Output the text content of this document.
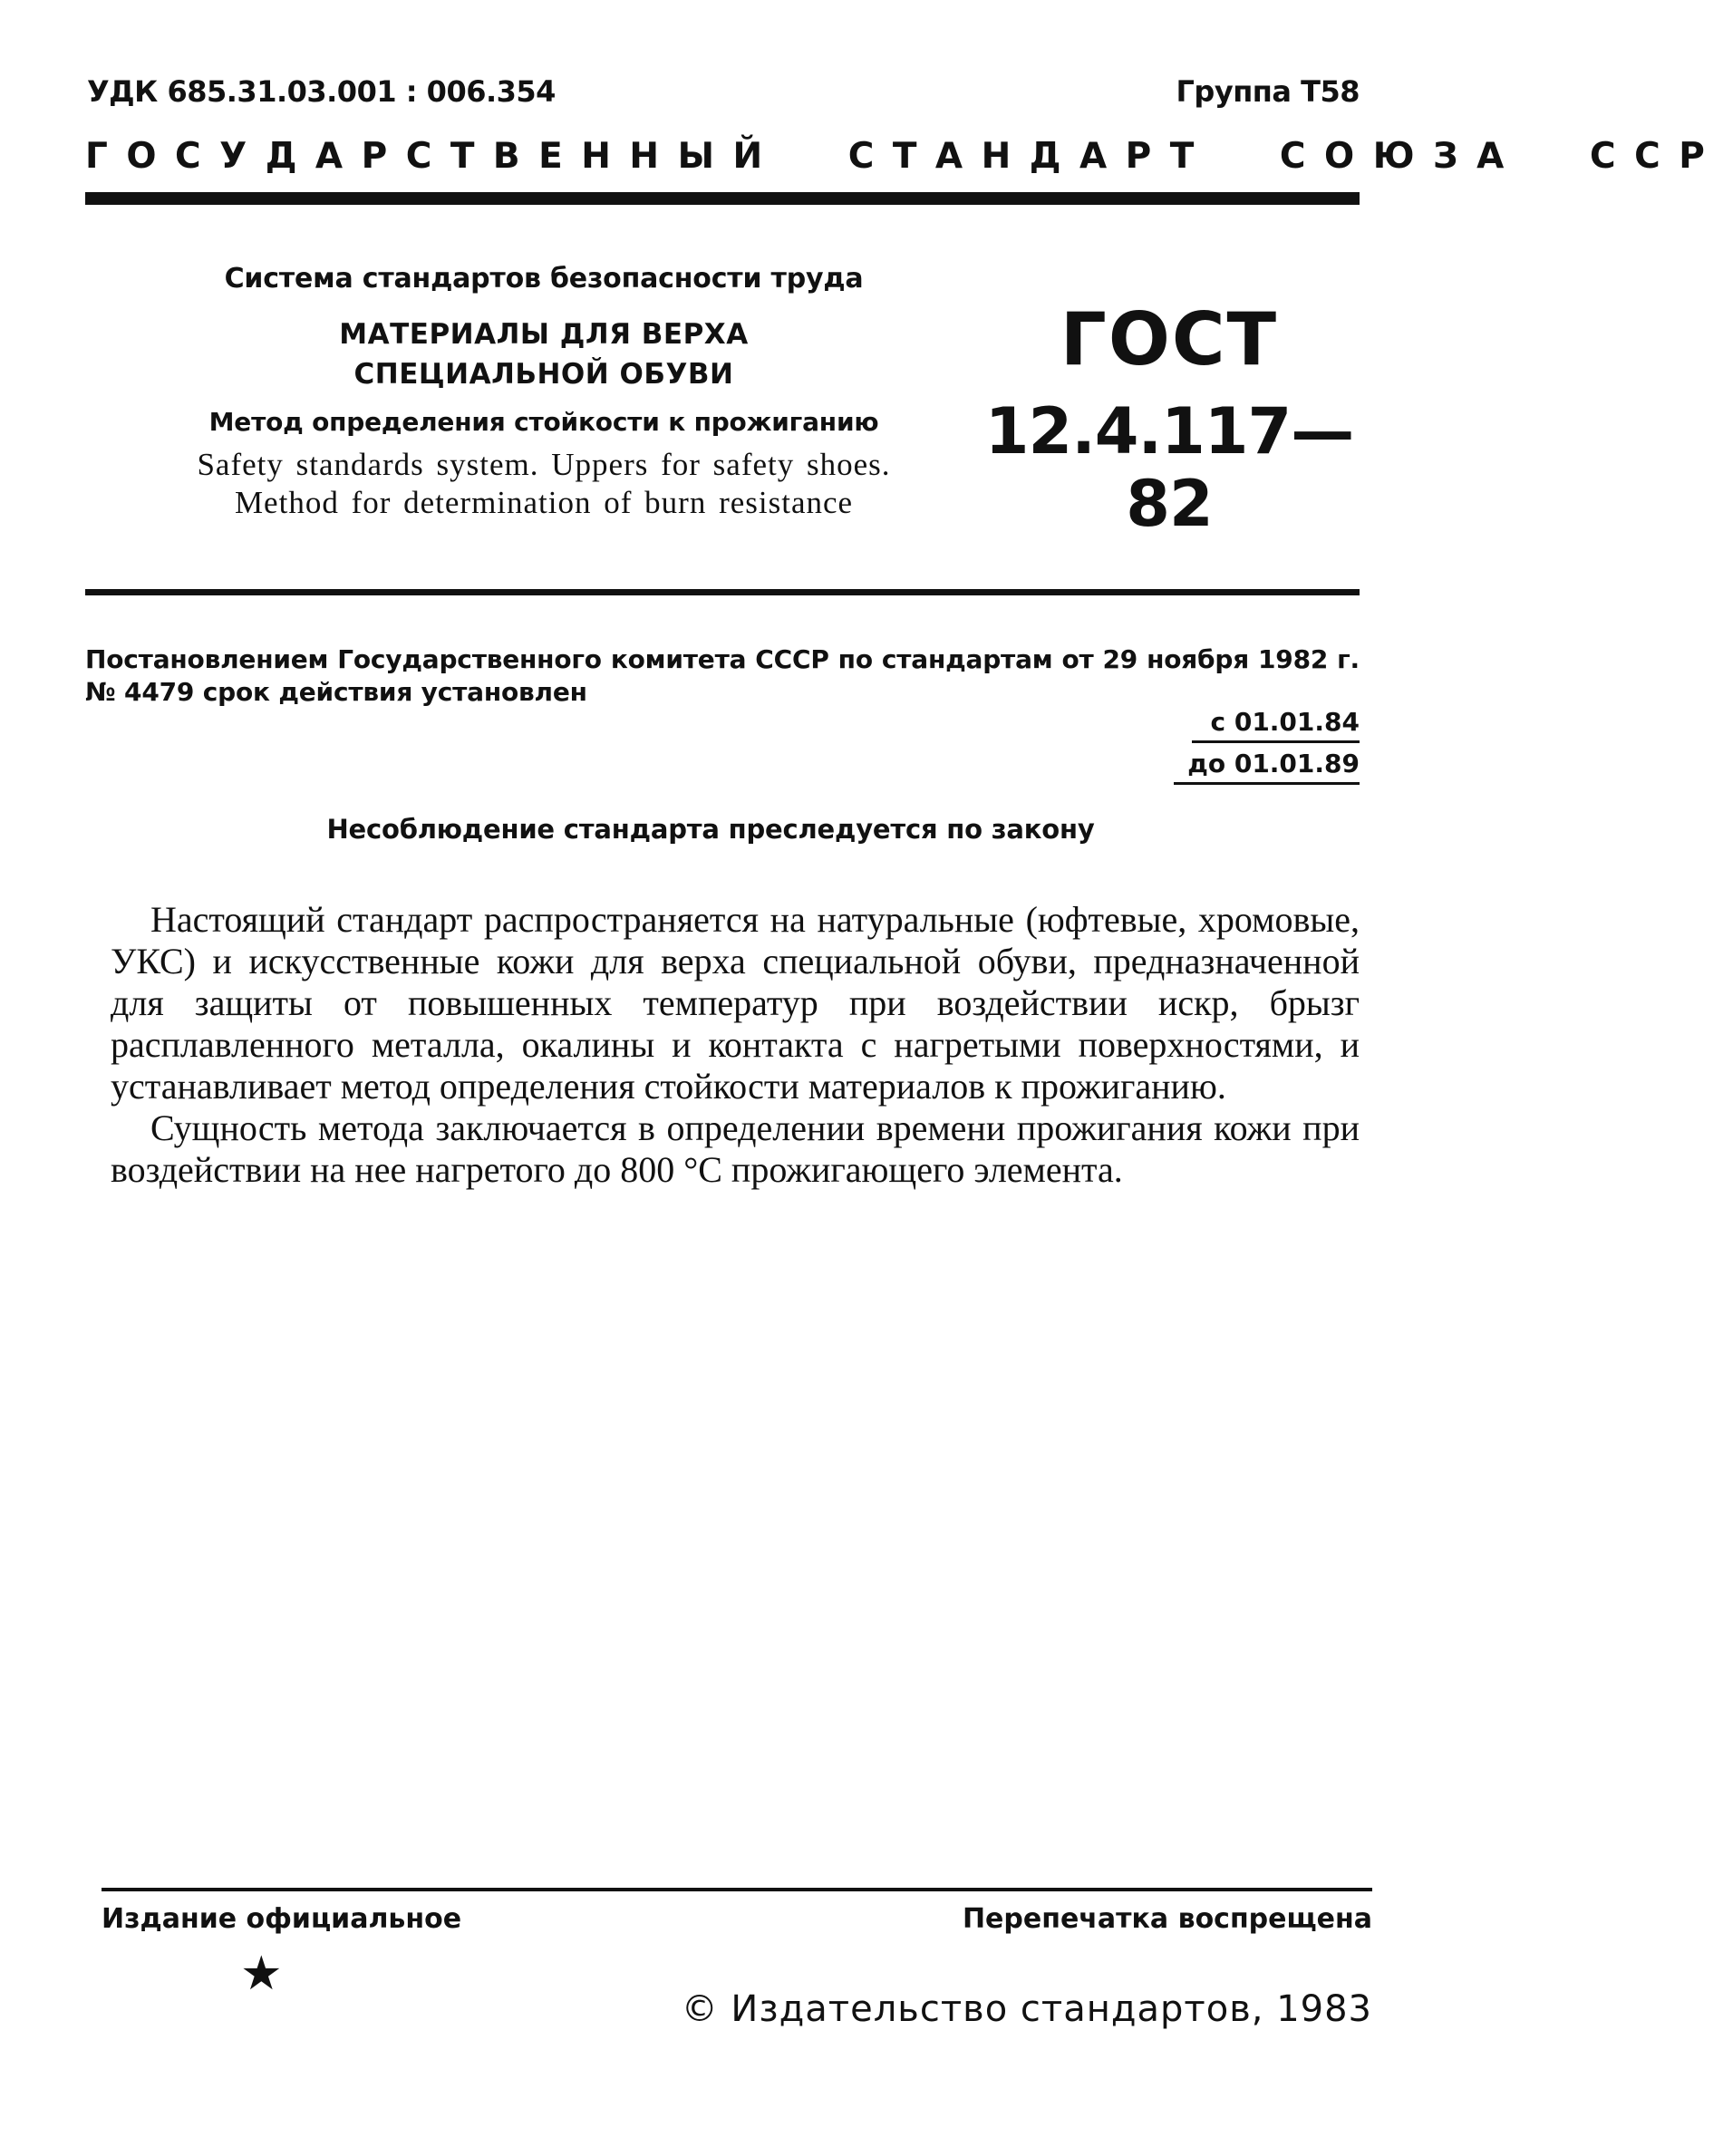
УДК 685.31.03.001 : 006.354	Группа Т58
ГОСУДАРСТВЕННЫЙ СТАНДАРТ СОЮЗА ССР
Система стандартов безопасности труда
МАТЕРИАЛЫ ДЛЯ ВЕРХА
СПЕЦИАЛЬНОЙ ОБУВИ
Метод определения стойкости к прожиганию
Safety standards system. Uppers for safety shoes.
Method for determination of burn resistance
ГОСТ
12.4.117—82
Постановлением Государственного комитета СССР по стандартам от 29 ноября 1982 г. № 4479 срок действия установлен
с 01.01.84
до 01.01.89
Несоблюдение стандарта преследуется по закону

Настоящий стандарт распространяется на натуральные (юфтевые, хромовые, УКС) и искусственные кожи для верха специальной обуви, предназначенной для защиты от повышенных температур при воздействии искр, брызг расплавленного металла, окалины и контакта с нагретыми поверхностями, и устанавливает метод определения стойкости материалов к прожиганию.

Сущность метода заключается в определении времени прожигания кожи при воздействии на нее нагретого до 800 °С прожигающего элемента.

Издание официальное	Перепечатка воспрещена
★
© Издательство стандартов, 1983
